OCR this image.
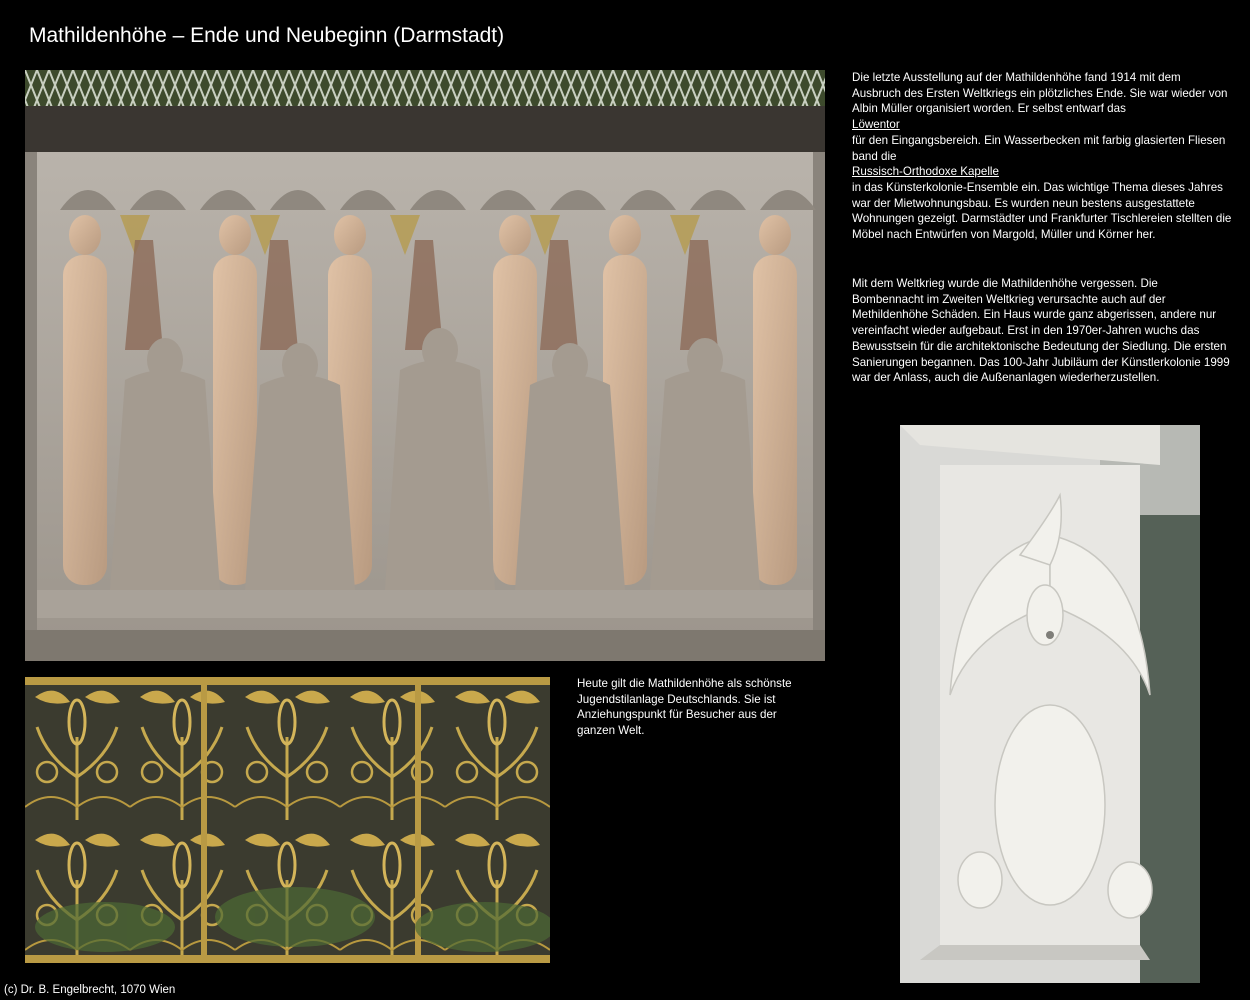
Mathildenhöhe – Ende und Neubeginn (Darmstadt)
Die letzte Ausstellung auf der Mathildenhöhe fand 1914 mit dem Ausbruch des Ersten Weltkriegs ein plötzliches Ende. Sie war wieder von Albin Müller organisiert worden. Er selbst entwarf das
Löwentor
für den Eingangsbereich. Ein Wasserbecken mit farbig glasierten Fliesen band die
Russisch-Orthodoxe Kapelle
in das Künsterkolonie-Ensemble ein. Das wichtige Thema dieses Jahres war der Mietwohnungsbau. Es wurden neun bestens ausgestattete Wohnungen gezeigt. Darmstädter und Frankfurter Tischlereien stellten die Möbel nach Entwürfen von Margold, Müller und Körner her.
Mit dem Weltkrieg wurde die Mathildenhöhe vergessen. Die Bombennacht im Zweiten Weltkrieg verursachte auch auf der Methildenhöhe Schäden. Ein Haus wurde ganz abgerissen, andere nur vereinfacht wieder aufgebaut. Erst in den 1970er-Jahren wuchs das Bewusstsein für die architektonische Bedeutung der Siedlung. Die ersten Sanierungen begannen. Das 100-Jahr Jubiläum der Künstlerkolonie 1999 war der Anlass, auch die Außenanlagen wiederherzustellen.
Heute gilt die Mathildenhöhe als schönste Jugendstilanlage Deutschlands. Sie ist Anziehungspunkt für Besucher aus der ganzen Welt.
(c) Dr. B. Engelbrecht, 1070 Wien
